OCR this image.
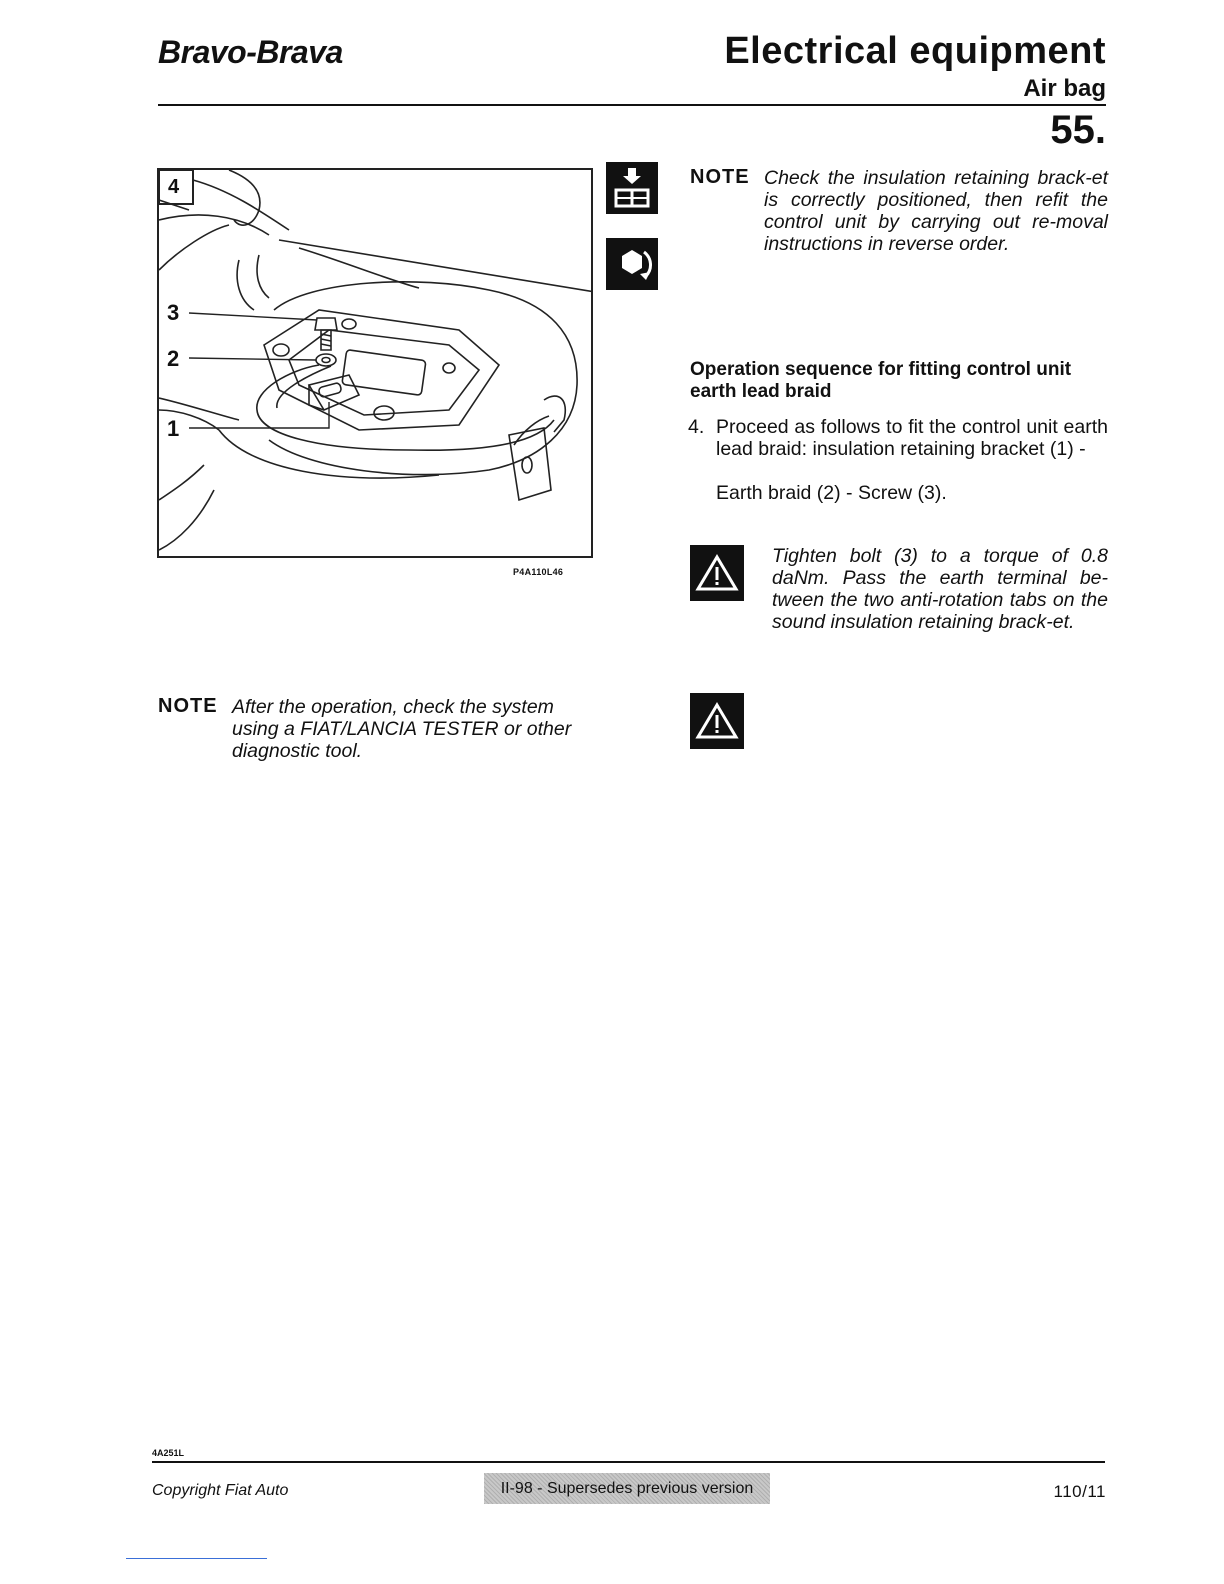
Bravo-Brava	Electrical equipment
Air bag
55.
4
3
2
1
P4A110L46
NOTE Check the insulation retaining brack-et is correctly positioned, then refit the control unit by carrying out re-moval instructions in reverse order.
Operation sequence for fitting control unit earth lead braid
4. Proceed as follows to fit the control unit earth lead braid: insulation retaining bracket (1) -
Earth braid (2) - Screw (3).
Tighten bolt (3) to a torque of 0.8 daNm. Pass the earth terminal be-tween the two anti-rotation tabs on the sound insulation retaining brack-et.
NOTE After the operation, check the system using a FIAT/LANCIA TESTER or other diagnostic tool.
4A251L
Copyright Fiat Auto	II-98 - Supersedes previous version	110/11
